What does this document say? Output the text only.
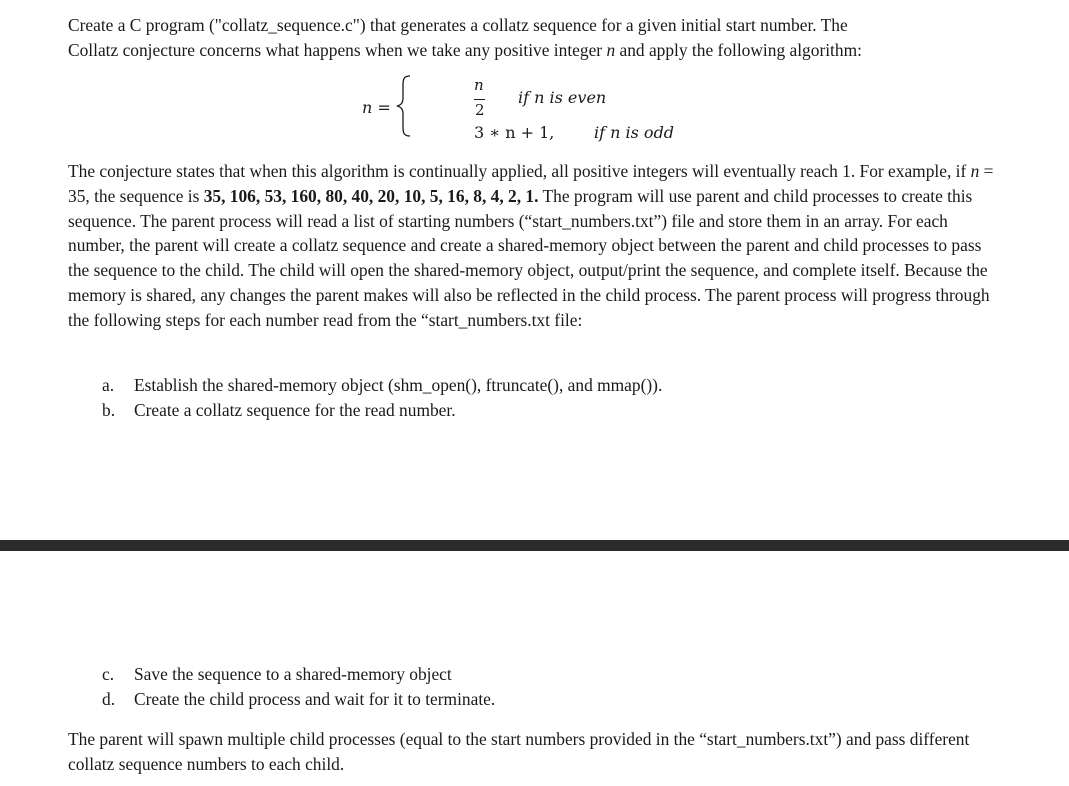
Create a C program ("collatz_sequence.c") that generates a collatz sequence for a given initial start number. The
Collatz conjecture concerns what happens when we take any positive integer n and apply the following algorithm:

n =
n
2
if n is even
3 ∗ n + 1, if n is odd

The conjecture states that when this algorithm is continually applied, all positive integers will eventually reach 1. For example, if n = 35, the sequence is 35, 106, 53, 160, 80, 40, 20, 10, 5, 16, 8, 4, 2, 1. The program will use parent and child processes to create this sequence. The parent process will read a list of starting numbers (“start_numbers.txt”) file and store them in an array. For each number, the parent will create a collatz sequence and create a shared-memory object between the parent and child processes to pass the sequence to the child. The child will open the shared-memory object, output/print the sequence, and complete itself. Because the memory is shared, any changes the parent makes will also be reflected in the child process. The parent process will progress through the following steps for each number read from the “start_numbers.txt file:

a. Establish the shared-memory object (shm_open(), ftruncate(), and mmap()).
b. Create a collatz sequence for the read number.
c. Save the sequence to a shared-memory object
d. Create the child process and wait for it to terminate.

The parent will spawn multiple child processes (equal to the start numbers provided in the “start_numbers.txt”) and pass different collatz sequence numbers to each child.
